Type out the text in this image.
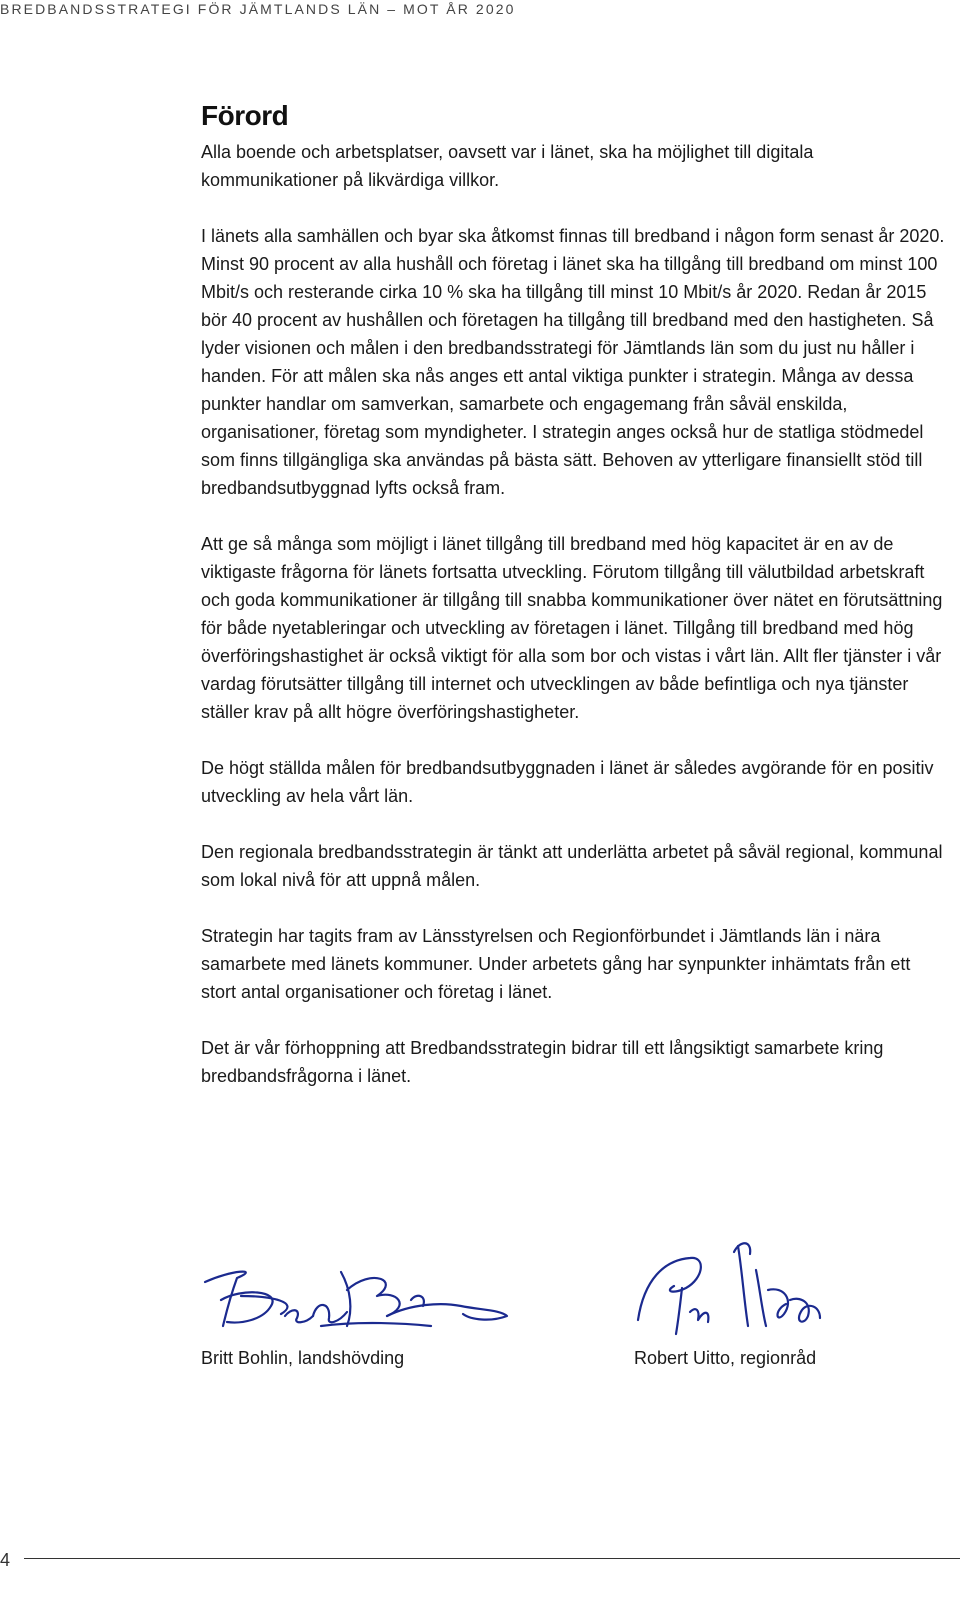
BREDBANDSSTRATEGI FÖR JÄMTLANDS LÄN – MOT ÅR 2020
Förord

Alla boende och arbetsplatser, oavsett var i länet, ska ha möjlighet till digitala kommunikationer på likvärdiga villkor.

I länets alla samhällen och byar ska åtkomst finnas till bredband i någon form senast år 2020. Minst 90 procent av alla hushåll och företag i länet ska ha tillgång till bredband om minst 100 Mbit/s och resterande cirka 10 % ska ha tillgång till minst 10 Mbit/s år 2020. Redan år 2015 bör 40 procent av hushållen och företagen ha tillgång till bredband med den hastigheten. Så lyder visionen och målen i den bredbandsstrategi för Jämtlands län som du just nu håller i handen. För att målen ska nås anges ett antal viktiga punkter i strategin. Många av dessa punkter handlar om samverkan, samarbete och engagemang från såväl enskilda, organisationer, företag som myndigheter. I strategin anges också hur de statliga stödmedel som finns tillgängliga ska användas på bästa sätt. Behoven av ytterligare finansiellt stöd till bredbandsutbyggnad lyfts också fram.

Att ge så många som möjligt i länet tillgång till bredband med hög kapacitet är en av de viktigaste frågorna för länets fortsatta utveckling. Förutom tillgång till välutbildad arbetskraft och goda kommunikationer är tillgång till snabba kommunikationer över nätet en förutsättning för både nyetableringar och utveckling av företagen i länet. Tillgång till bredband med hög överföringshastighet är också viktigt för alla som bor och vistas i vårt län. Allt fler tjänster i vår vardag förutsätter tillgång till internet och utvecklingen av både befintliga och nya tjänster ställer krav på allt högre överföringshastigheter.

De högt ställda målen för bredbandsutbyggnaden i länet är således avgörande för en positiv utveckling av hela vårt län.

Den regionala bredbandsstrategin är tänkt att underlätta arbetet på såväl regional, kommunal som lokal nivå för att uppnå målen.

Strategin har tagits fram av Länsstyrelsen och Regionförbundet i Jämtlands län i nära samarbete med länets kommuner. Under arbetets gång har synpunkter inhämtats från ett stort antal organisationer och företag i länet.

Det är vår förhoppning att Bredbandsstrategin bidrar till ett långsiktigt samarbete kring bredbandsfrågorna i länet.

Britt Bohlin, landshövding	Robert Uitto, regionråd
4
